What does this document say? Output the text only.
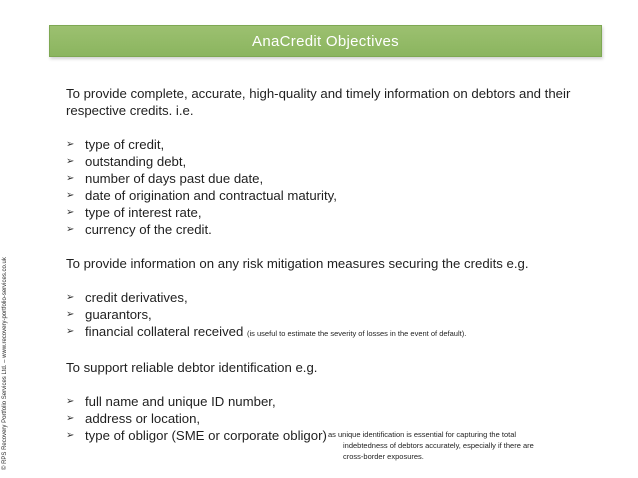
AnaCredit Objectives
© RPS Recovery Portfolio Services Ltd. – www.recovery-portfolio-services.co.uk

To provide complete, accurate, high-quality and timely information on debtors and their respective credits. i.e.

➢ type of credit,
➢ outstanding debt,
➢ number of days past due date,
➢ date of origination and contractual maturity,
➢ type of interest rate,
➢ currency of the credit.

To provide information on any risk mitigation measures securing the credits e.g.

➢ credit derivatives,
➢ guarantors,
➢ financial collateral received (is useful to estimate the severity of losses in the event of default).

To support reliable debtor identification e.g.

➢ full name and unique ID number,
➢ address or location,
➢ type of obligor (SME or corporate obligor) as unique identification is essential for capturing the total
indebtedness of debtors accurately, especially if there are
cross-border exposures.
